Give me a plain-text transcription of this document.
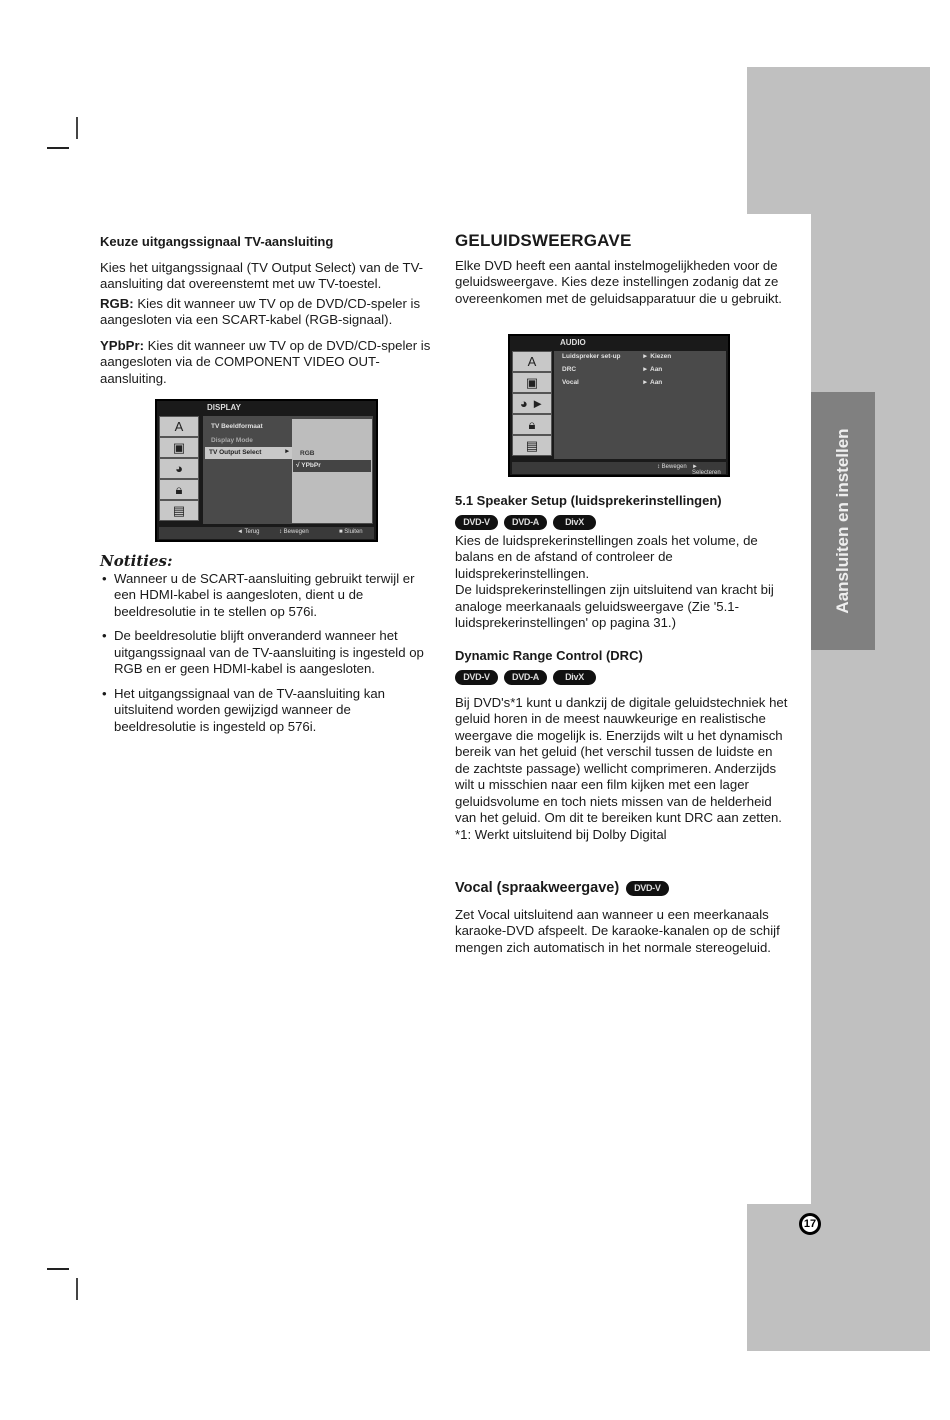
Aansluiten en instellen
17

Keuze uitgangssignaal TV-aansluiting

Kies het uitgangssignaal (TV Output Select) van de TV-aansluiting dat overeenstemt met uw TV-toestel.

RGB: Kies dit wanneer uw TV op de DVD/CD-speler is aangesloten via een SCART-kabel (RGB-signaal).

YPbPr: Kies dit wanneer uw TV op de DVD/CD-speler is aangesloten via de COMPONENT VIDEO OUT-aansluiting.

DISPLAY
A
▣
◕
🔒︎
▤
TV Beeldformaat
Display Mode
TV Output Select	► RGB
√ YPbPr
◄ Terug	↕ Bewegen	■ Sluiten

Notities:

• Wanneer u de SCART-aansluiting gebruikt terwijl er een HDMI-kabel is aangesloten, dient u de beeldresolutie in te stellen op 576i.
• De beeldresolutie blijft onveranderd wanneer het uitgangssignaal van de TV-aansluiting is ingesteld op RGB en er geen HDMI-kabel is aangesloten.
• Het uitgangssignaal van de TV-aansluiting kan uitsluitend worden gewijzigd wanneer de beeldresolutie is ingesteld op 576i.

GELUIDSWEERGAVE

Elke DVD heeft een aantal instelmogelijkheden voor de geluidsweergave. Kies deze instellingen zodanig dat ze overeenkomen met de geluidsapparatuur die u gebruikt.

AUDIO
A
▣
◕ ►
🔒︎
▤
Luidspreker set-up	► Kiezen
DRC	► Aan
Vocal	► Aan
↕ Bewegen ► Selecteren

5.1 Speaker Setup (luidsprekerinstellingen)

DVD-V	DVD-A	DivX

Kies de luidsprekerinstellingen zoals het volume, de balans en de afstand of controleer de luidsprekerinstellingen.

De luidsprekerinstellingen zijn uitsluitend van kracht bij analoge meerkanaals geluidsweergave (Zie '5.1-luidsprekerinstellingen' op pagina 31.)

Dynamic Range Control (DRC)

DVD-V	DVD-A	DivX

Bij DVD's*1 kunt u dankzij de digitale geluidstechniek het geluid horen in de meest nauwkeurige en realistische weergave die mogelijk is. Enerzijds wilt u het dynamisch bereik van het geluid (het verschil tussen de luidste en de zachtste passage) wellicht comprimeren. Anderzijds wilt u misschien naar een film kijken met een lager geluidsvolume en toch niets missen van de helderheid van het geluid. Om dit te bereiken kunt DRC aan zetten.

*1: Werkt uitsluitend bij Dolby Digital

Vocal (spraakweergave) DVD-V

Zet Vocal uitsluitend aan wanneer u een meerkanaals karaoke-DVD afspeelt. De karaoke-kanalen op de schijf mengen zich automatisch in het normale stereogeluid.
